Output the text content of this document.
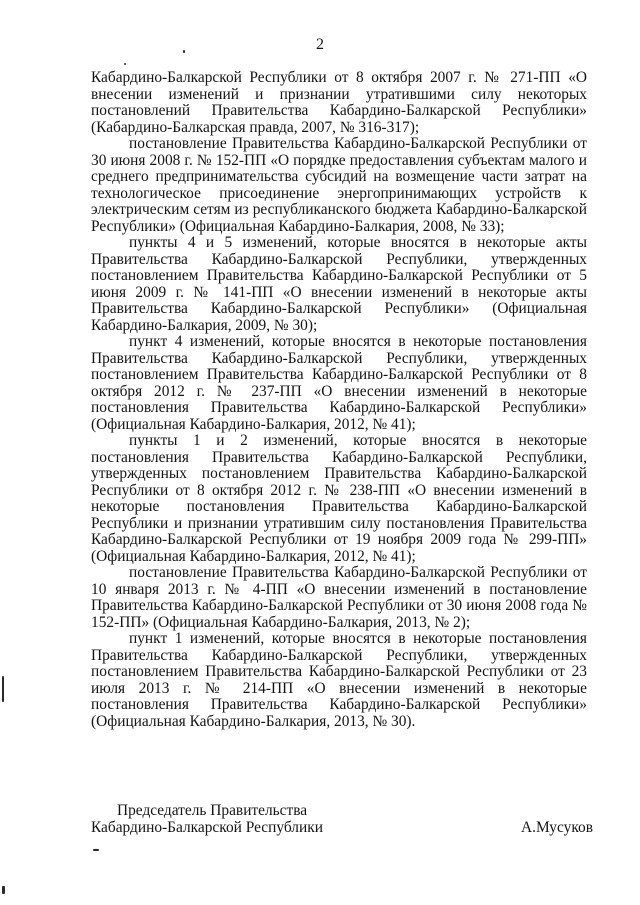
2

Кабардино-Балкарской Республики от 8 октября 2007 г. № 271-ПП «О внесении изменений и признании утратившими силу некоторых постановлений Правительства Кабардино-Балкарской Республики» (Кабардино-Балкарская правда, 2007, № 316-317);

постановление Правительства Кабардино-Балкарской Республики от 30 июня 2008 г. № 152-ПП «О порядке предоставления субъектам малого и среднего предпринимательства субсидий на возмещение части затрат на технологическое присоединение энергопринимающих устройств к электрическим сетям из республиканского бюджета Кабардино-Балкарской Республики» (Официальная Кабардино-Балкария, 2008, № 33);

пункты 4 и 5 изменений, которые вносятся в некоторые акты Правительства Кабардино-Балкарской Республики, утвержденных постановлением Правительства Кабардино-Балкарской Республики от 5 июня 2009 г. № 141-ПП «О внесении изменений в некоторые акты Правительства Кабардино-Балкарской Республики» (Официальная Кабардино-Балкария, 2009, № 30);

пункт 4 изменений, которые вносятся в некоторые постановления Правительства Кабардино-Балкарской Республики, утвержденных постановлением Правительства Кабардино-Балкарской Республики от 8 октября 2012 г. № 237-ПП «О внесении изменений в некоторые постановления Правительства Кабардино-Балкарской Республики» (Официальная Кабардино-Балкария, 2012, № 41);

пункты 1 и 2 изменений, которые вносятся в некоторые постановления Правительства Кабардино-Балкарской Республики, утвержденных постановлением Правительства Кабардино-Балкарской Республики от 8 октября 2012 г. № 238-ПП «О внесении изменений в некоторые постановления Правительства Кабардино-Балкарской Республики и признании утратившим силу постановления Правительства Кабардино-Балкарской Республики от 19 ноября 2009 года № 299-ПП» (Официальная Кабардино-Балкария, 2012, № 41);

постановление Правительства Кабардино-Балкарской Республики от 10 января 2013 г. № 4-ПП «О внесении изменений в постановление Правительства Кабардино-Балкарской Республики от 30 июня 2008 года № 152-ПП» (Официальная Кабардино-Балкария, 2013, № 2);

пункт 1 изменений, которые вносятся в некоторые постановления Правительства Кабардино-Балкарской Республики, утвержденных постановлением Правительства Кабардино-Балкарской Республики от 23 июля 2013 г. № 214-ПП «О внесении изменений в некоторые постановления Правительства Кабардино-Балкарской Республики» (Официальная Кабардино-Балкария, 2013, № 30).

Председатель Правительства
Кабардино-Балкарской Республики	А.Мусуков
